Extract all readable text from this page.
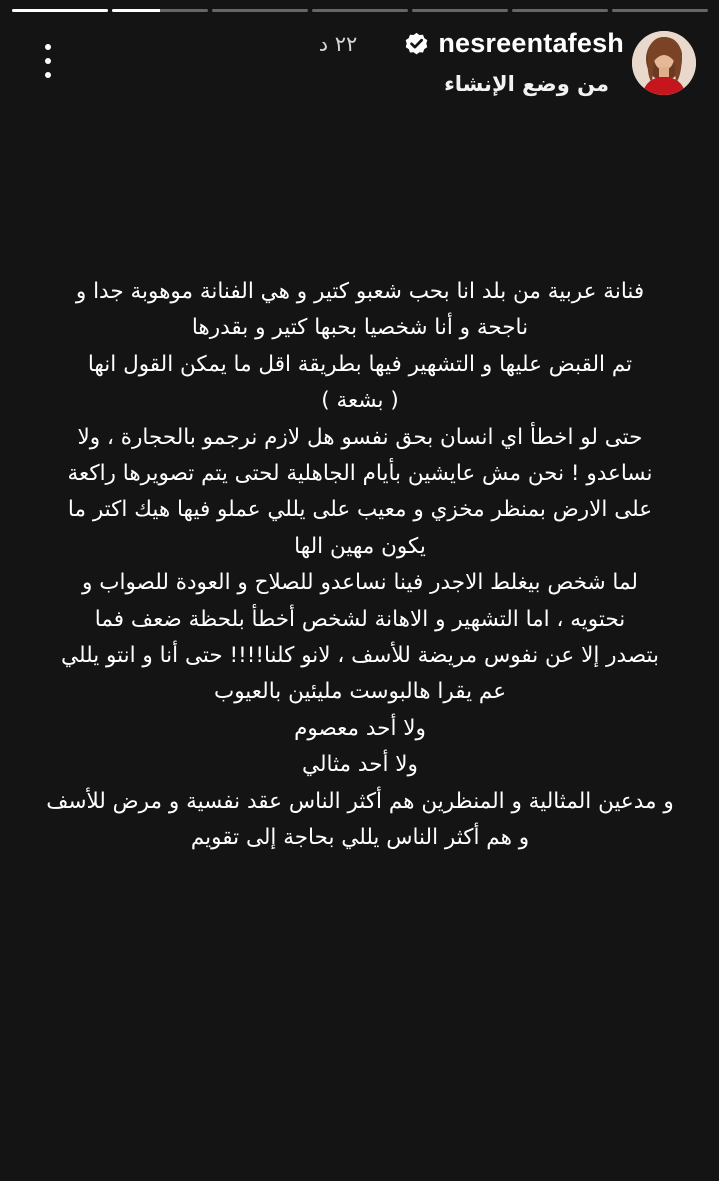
٢٢ د	nesreentafesh
من وضع الإنشاء
فنانة عربية من بلد انا بحب شعبو كتير و هي الفنانة موهوبة جدا و
ناجحة و أنا شخصيا بحبها كتير و بقدرها
تم القبض عليها و التشهير فيها بطريقة اقل ما يمكن القول انها
( بشعة )
حتى لو اخطأ اي انسان بحق نفسو هل لازم نرجمو بالحجارة ، ولا
نساعدو ! نحن مش عايشين بأيام الجاهلية لحتى يتم تصويرها راكعة
على الارض بمنظر مخزي و معيب على يللي عملو فيها هيك اكتر ما
يكون مهين الها
لما شخص بيغلط الاجدر فينا نساعدو للصلاح و العودة للصواب و
نحتويه ، اما التشهير و الاهانة لشخص أخطأ بلحظة ضعف فما
بتصدر إلا عن نفوس مريضة للأسف ، لانو كلنا!!!! حتى أنا و انتو يللي
عم يقرا هالبوست مليئين بالعيوب
ولا أحد معصوم
ولا أحد مثالي
و مدعين المثالية و المنظرين هم أكثر الناس عقد نفسية و مرض للأسف
و هم أكثر الناس يللي بحاجة إلى تقويم
